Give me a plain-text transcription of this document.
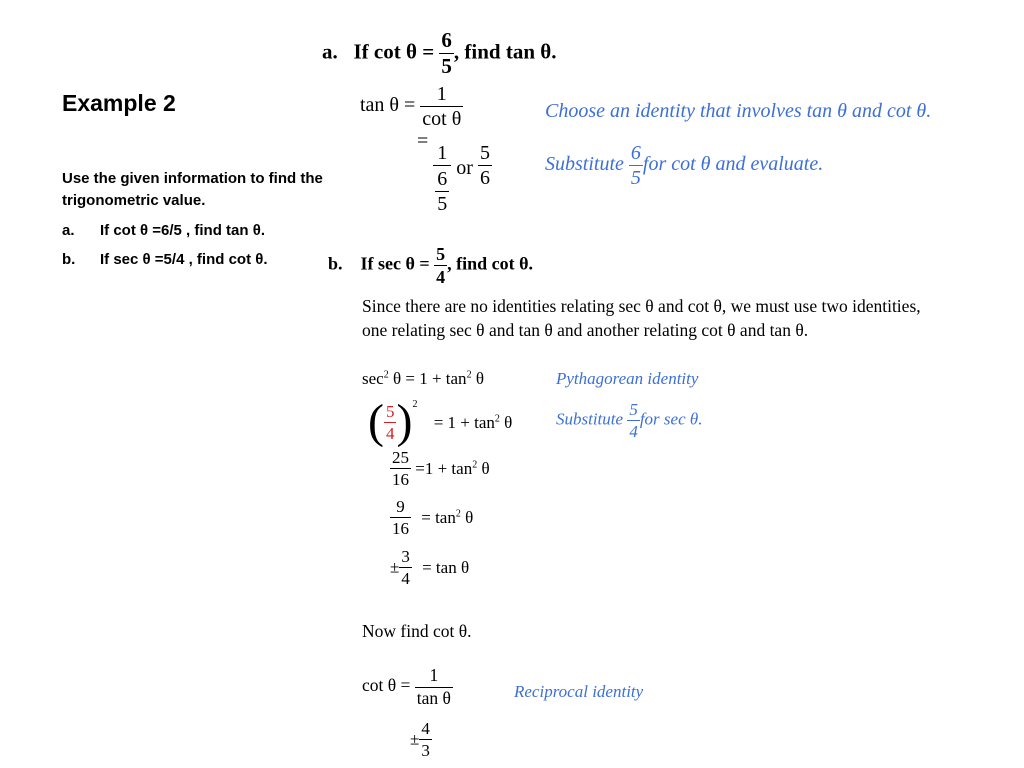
Example 2
Use the given information to find the trigonometric value.
a. If cot θ =6/5 , find tan θ.
b. If sec θ =5/4 , find cot θ.
a. If $\cot \theta = \frac{6}{5}$ , find tan θ.
$\tan \theta = \frac{1}{\text{cot θ}}$	Choose an identity that involves tan θ and cot θ.
=
$\frac{1}{\frac{6}{5}}$ or $\frac{5}{6}$	Substitute $\frac{6}{5}$ for cot θ and evaluate.
b. If $\sec \theta = \frac{5}{4}$ , find cot θ.
Since there are no identities relating sec θ and cot θ, we must use two identities,
one relating sec θ and tan θ and another relating cot θ and tan θ.
$\sec^2 \theta = 1 + \tan^2 \theta$	Pythagorean identity
( $\frac{5}{4} )^2 = 1 + \tan^2 \theta$	Substitute $\frac{5}{4}$ for sec θ.
$\frac{25}{16} =1 + \tan^2 \theta$
$\frac{9}{16} = \tan^2 \theta$
± $\frac{3}{4} = \tan \theta$
Now find cot θ.
$\cot \theta = \frac{1}{\text{tan θ}}$	Reciprocal identity
± $\frac{4}{3}$
